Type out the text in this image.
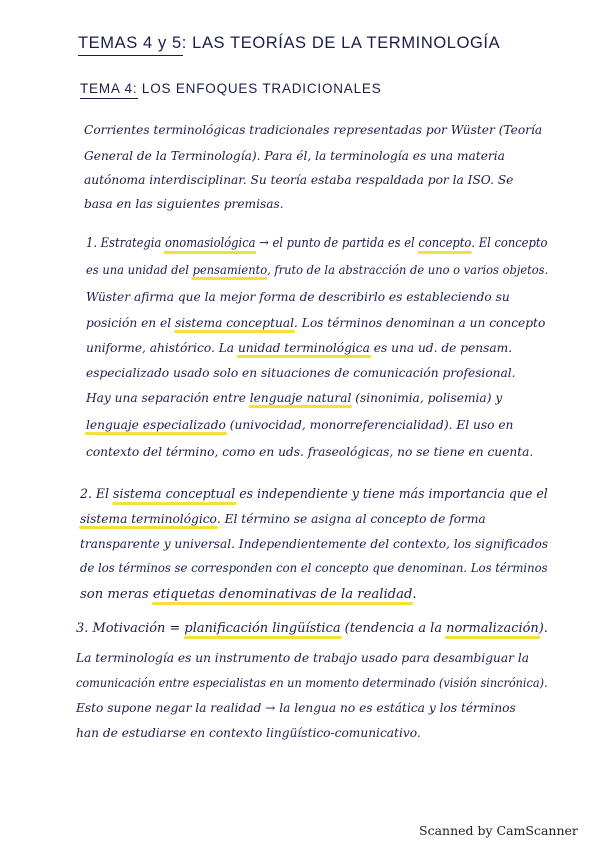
TEMAS 4 y 5: LAS TEORÍAS DE LA TERMINOLOGÍA
TEMA 4: LOS ENFOQUES TRADICIONALES
Corrientes terminológicas tradicionales representadas por Wüster (Teoría
General de la Terminología). Para él, la terminología es una materia
autónoma interdisciplinar. Su teoría estaba respaldada por la ISO. Se
basa en las siguientes premisas.
1. Estrategia onomasiológica → el punto de partida es el concepto. El concepto
es una unidad del pensamiento, fruto de la abstracción de uno o varios objetos.
Wüster afirma que la mejor forma de describirlo es estableciendo su
posición en el sistema conceptual. Los términos denominan a un concepto
uniforme, ahistórico. La unidad terminológica es una ud. de pensam.
especializado usado solo en situaciones de comunicación profesional.
Hay una separación entre lenguaje natural (sinonimia, polisemia) y
lenguaje especializado (univocidad, monorreferencialidad). El uso en
contexto del término, como en uds. fraseológicas, no se tiene en cuenta.
2. El sistema conceptual es independiente y tiene más importancia que el
sistema terminológico. El término se asigna al concepto de forma
transparente y universal. Independientemente del contexto, los significados
de los términos se corresponden con el concepto que denominan. Los términos
son meras etiquetas denominativas de la realidad.
3. Motivación = planificación lingüística (tendencia a la normalización).
La terminología es un instrumento de trabajo usado para desambiguar la
comunicación entre especialistas en un momento determinado (visión sincrónica).
Esto supone negar la realidad → la lengua no es estática y los términos
han de estudiarse en contexto lingüístico-comunicativo.
Scanned by CamScanner
